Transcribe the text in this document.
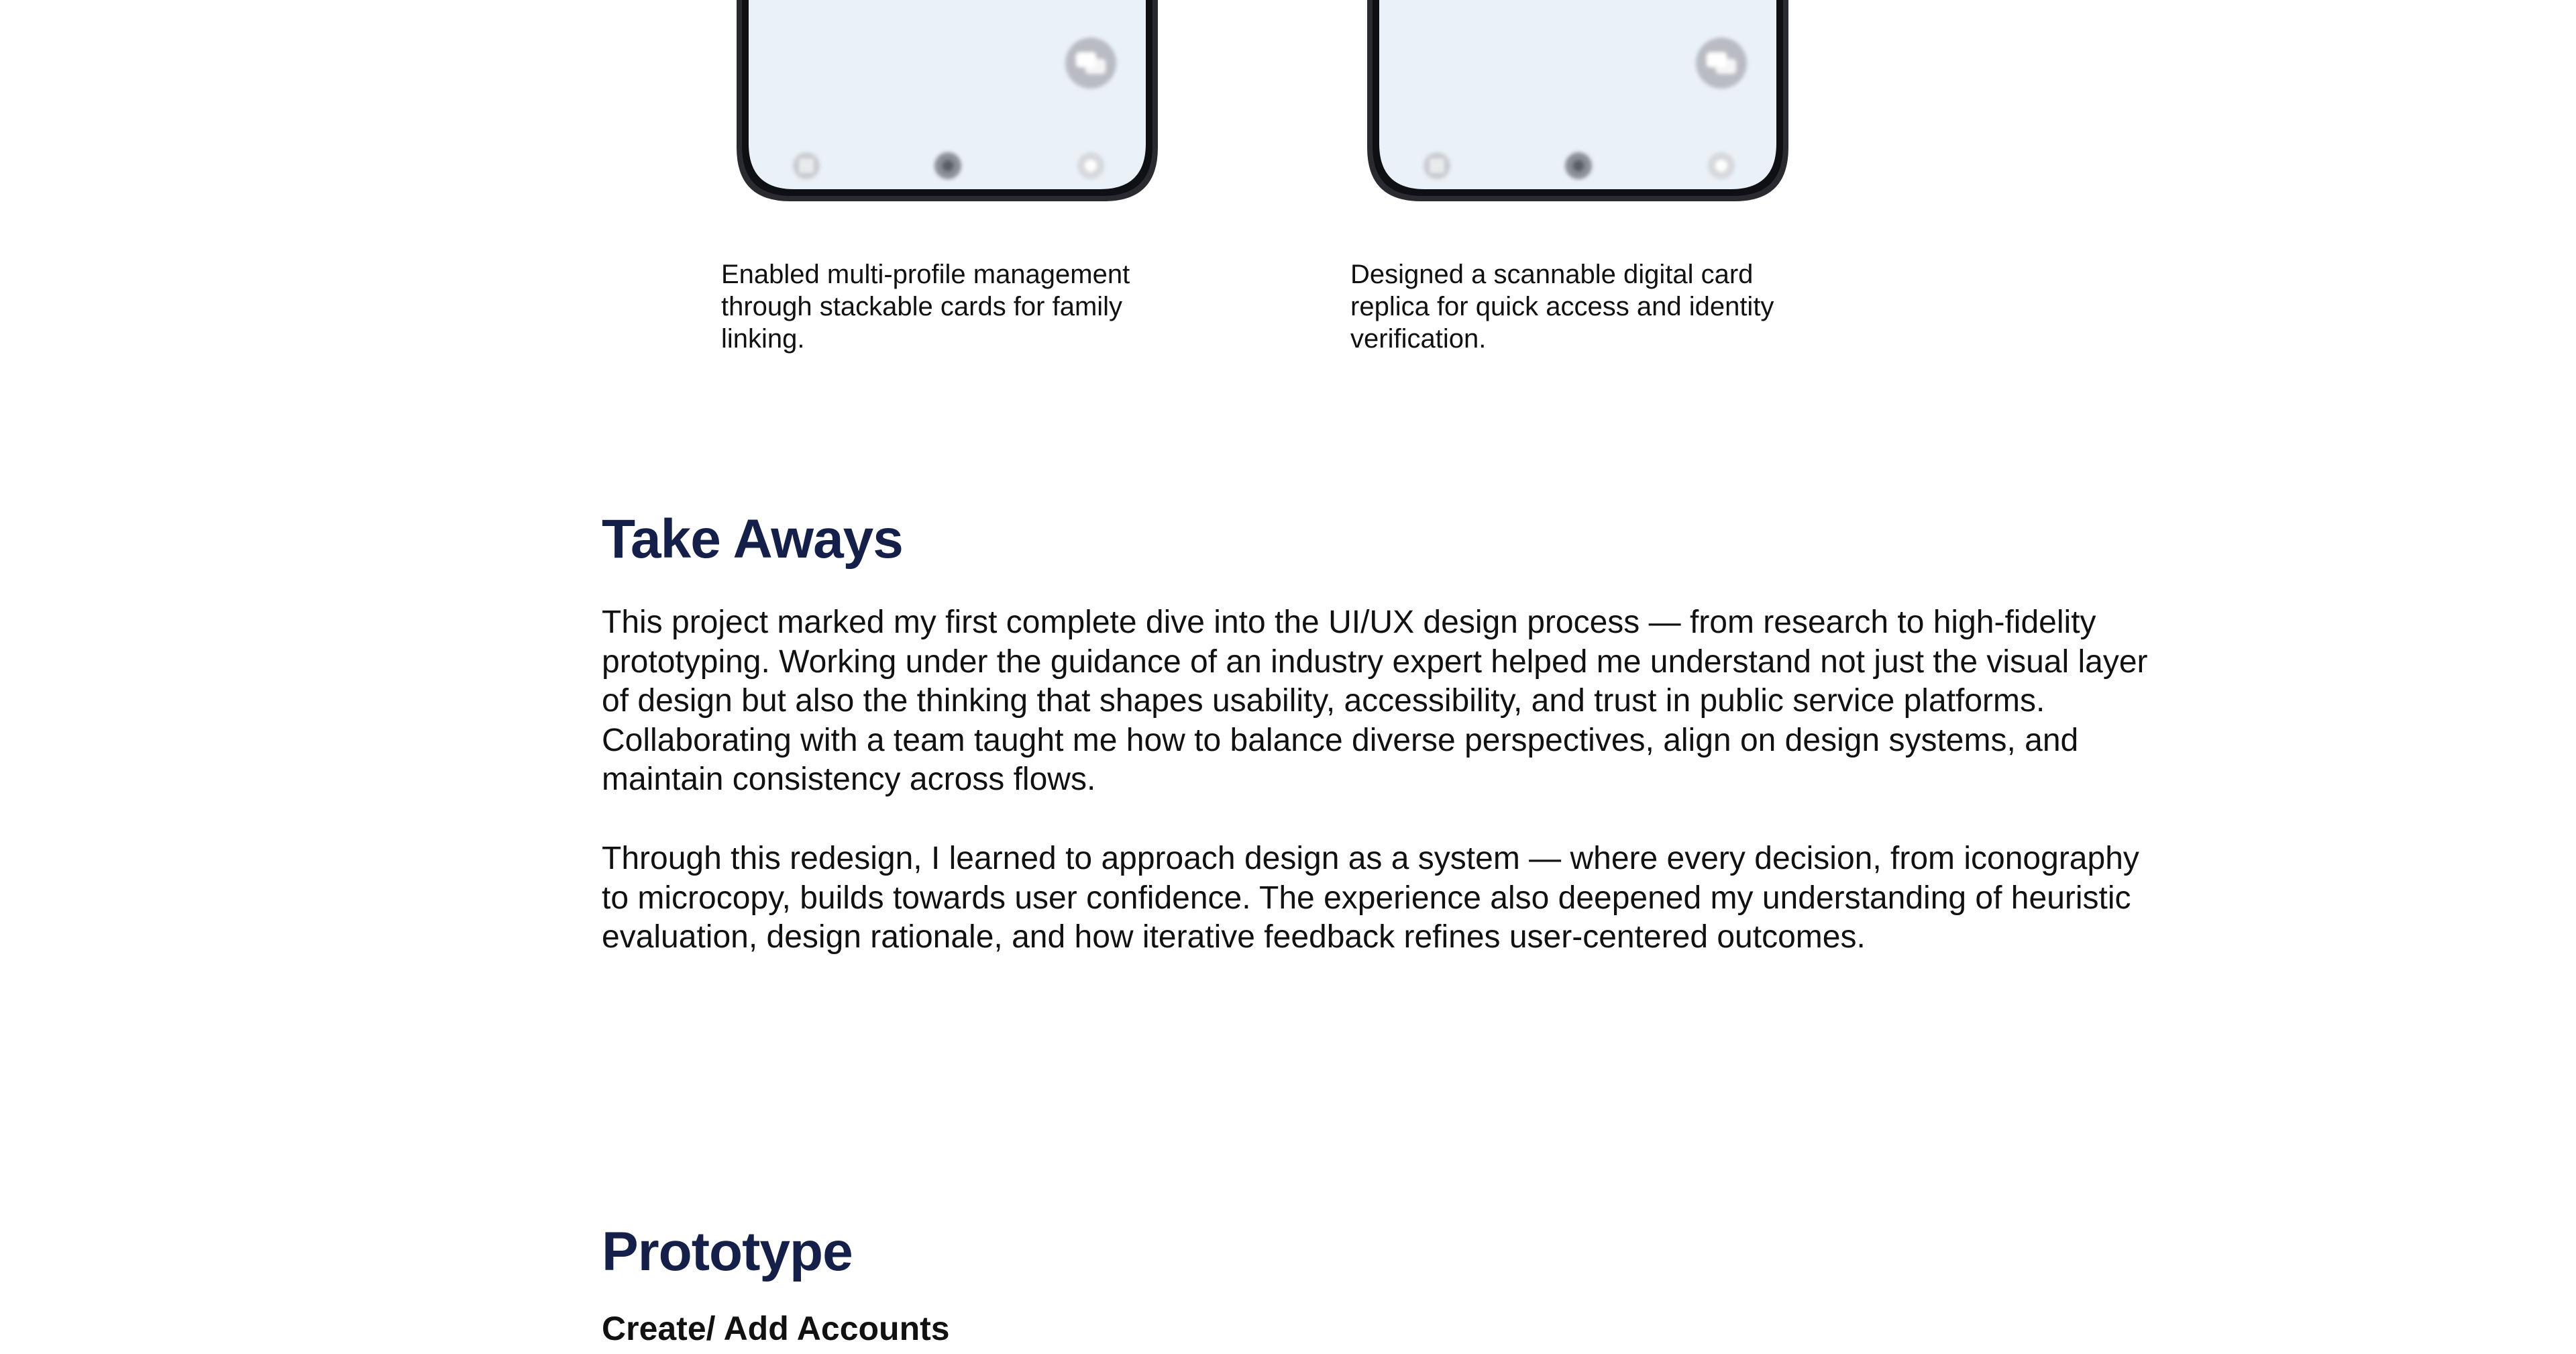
Enabled multi-profile management through stackable cards for family linking.

Designed a scannable digital card replica for quick access and identity verification.

Take Aways

This project marked my first complete dive into the UI/UX design process — from research to high-fidelity prototyping. Working under the guidance of an industry expert helped me understand not just the visual layer of design but also the thinking that shapes usability, accessibility, and trust in public service platforms. Collaborating with a team taught me how to balance diverse perspectives, align on design systems, and maintain consistency across flows.

Through this redesign, I learned to approach design as a system — where every decision, from iconography to microcopy, builds towards user confidence. The experience also deepened my understanding of heuristic evaluation, design rationale, and how iterative feedback refines user-centered outcomes.

Prototype
Create/ Add Accounts
